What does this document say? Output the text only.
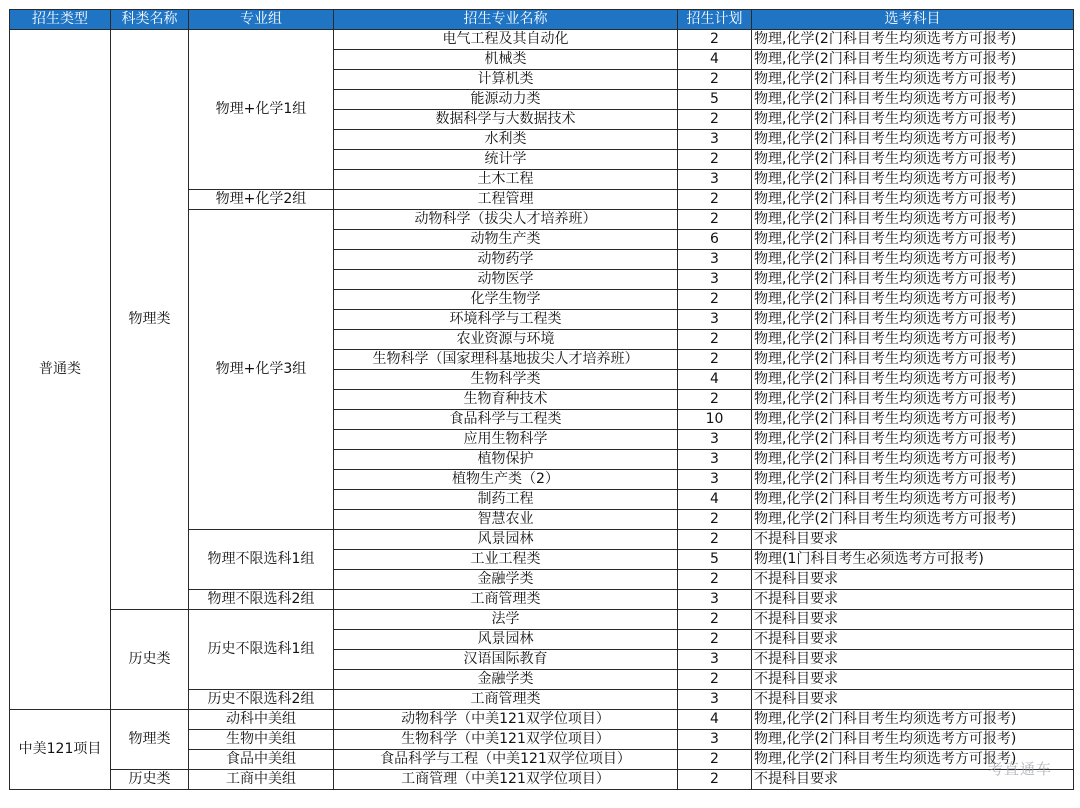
招生类型	科类名称	专业组	招生专业名称	招生计划	选考科目
普通类	物理类	物理+化学1组	电气工程及其自动化	2	物理,化学(2门科目考生均须选考方可报考)
			机械类	4	物理,化学(2门科目考生均须选考方可报考)
			计算机类	2	物理,化学(2门科目考生均须选考方可报考)
			能源动力类	5	物理,化学(2门科目考生均须选考方可报考)
			数据科学与大数据技术	2	物理,化学(2门科目考生均须选考方可报考)
			水利类	3	物理,化学(2门科目考生均须选考方可报考)
			统计学	2	物理,化学(2门科目考生均须选考方可报考)
			土木工程	3	物理,化学(2门科目考生均须选考方可报考)
		物理+化学2组	工程管理	2	物理,化学(2门科目考生均须选考方可报考)
		物理+化学3组	动物科学（拔尖人才培养班）	2	物理,化学(2门科目考生均须选考方可报考)
			动物生产类	6	物理,化学(2门科目考生均须选考方可报考)
			动物药学	3	物理,化学(2门科目考生均须选考方可报考)
			动物医学	3	物理,化学(2门科目考生均须选考方可报考)
			化学生物学	2	物理,化学(2门科目考生均须选考方可报考)
			环境科学与工程类	3	物理,化学(2门科目考生均须选考方可报考)
			农业资源与环境	2	物理,化学(2门科目考生均须选考方可报考)
			生物科学（国家理科基地拔尖人才培养班）	2	物理,化学(2门科目考生均须选考方可报考)
			生物科学类	4	物理,化学(2门科目考生均须选考方可报考)
			生物育种技术	2	物理,化学(2门科目考生均须选考方可报考)
			食品科学与工程类	10	物理,化学(2门科目考生均须选考方可报考)
			应用生物科学	3	物理,化学(2门科目考生均须选考方可报考)
			植物保护	3	物理,化学(2门科目考生均须选考方可报考)
			植物生产类（2）	3	物理,化学(2门科目考生均须选考方可报考)
			制药工程	4	物理,化学(2门科目考生均须选考方可报考)
			智慧农业	2	物理,化学(2门科目考生均须选考方可报考)
		物理不限选科1组	风景园林	2	不提科目要求
			工业工程类	5	物理(1门科目考生必须选考方可报考)
			金融学类	2	不提科目要求
		物理不限选科2组	工商管理类	3	不提科目要求
	历史类	历史不限选科1组	法学	2	不提科目要求
			风景园林	2	不提科目要求
			汉语国际教育	3	不提科目要求
			金融学类	2	不提科目要求
		历史不限选科2组	工商管理类	3	不提科目要求
中美121项目	物理类	动科中美组	动物科学（中美121双学位项目）	4	物理,化学(2门科目考生均须选考方可报考)
		生物中美组	生物科学（中美121双学位项目）	3	物理,化学(2门科目考生均须选考方可报考)
		食品中美组	食品科学与工程（中美121双学位项目）	2	物理,化学(2门科目考生均须选考方可报考)
	历史类	工商中美组	工商管理（中美121双学位项目）	2	不提科目要求
考直通车
